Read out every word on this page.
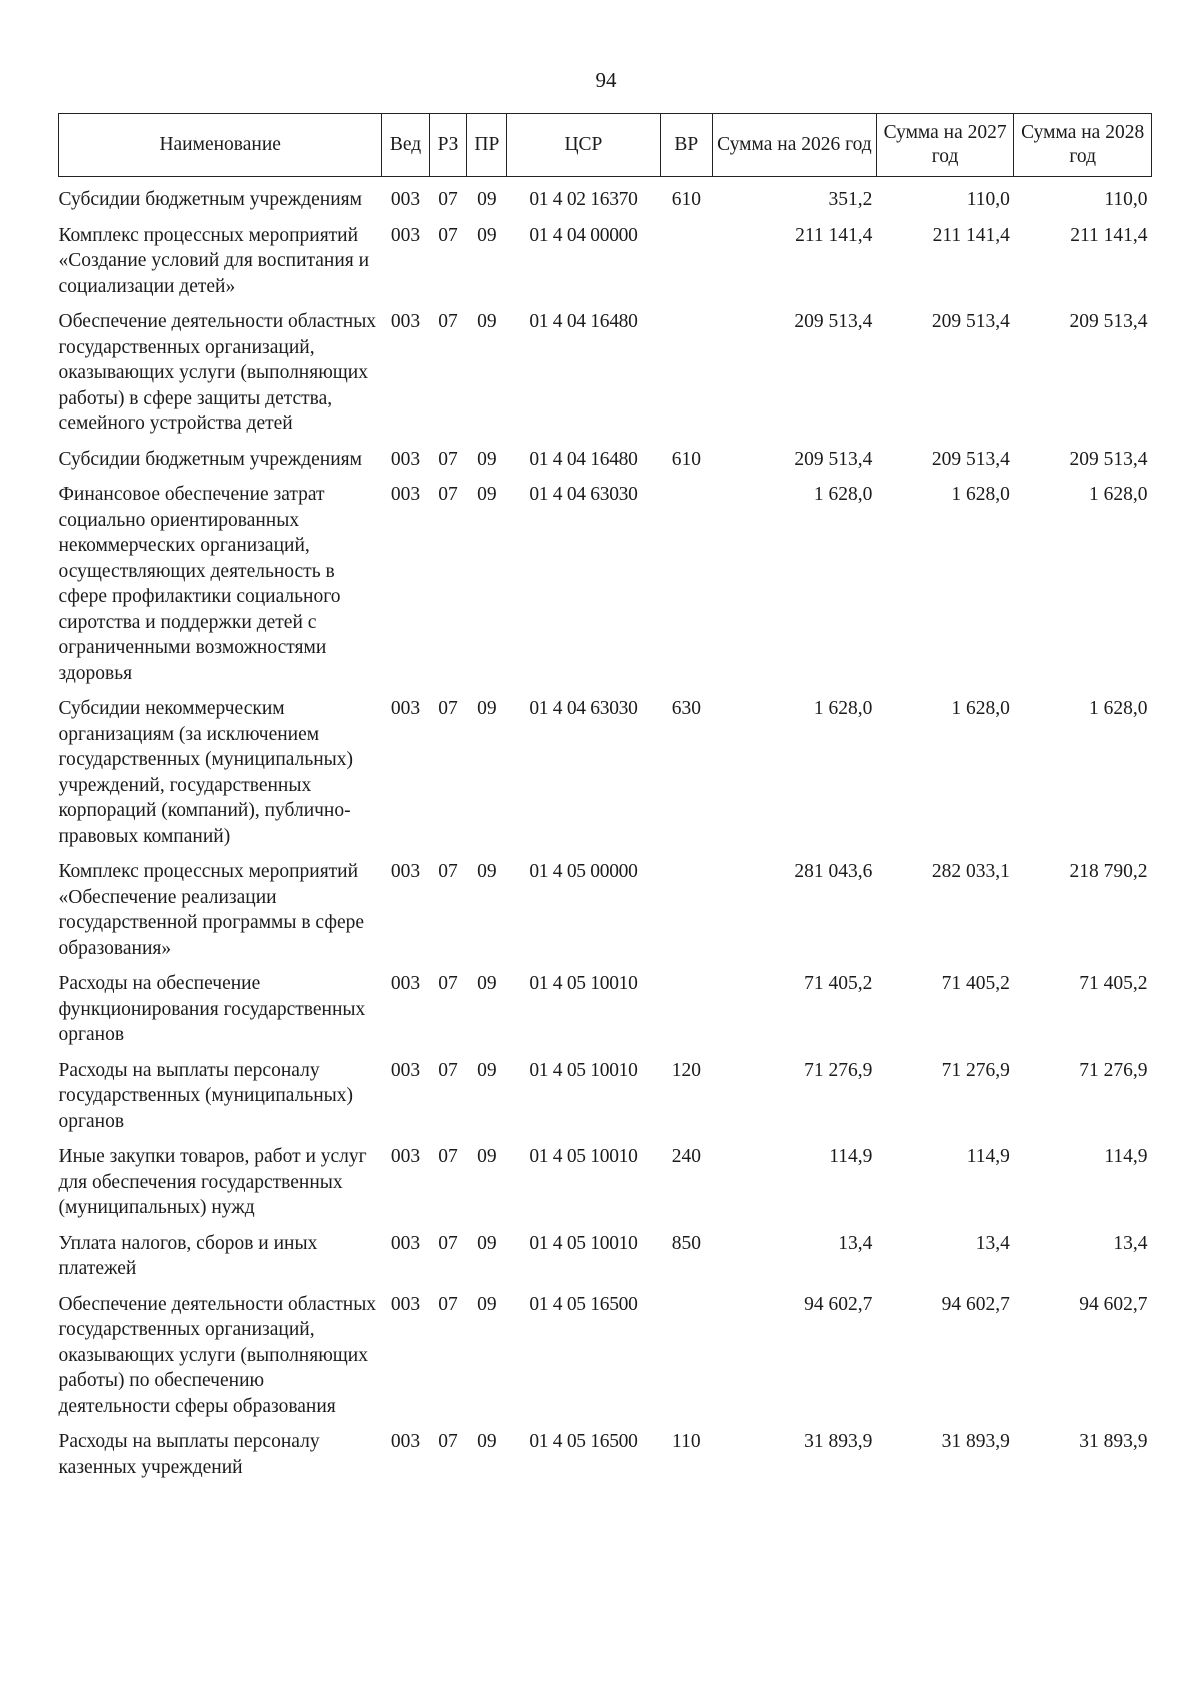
94
Наименование	Вед	РЗ	ПР	ЦСР	ВР	Сумма на 2026 год	Сумма на 2027 год	Сумма на 2028 год
Субсидии бюджетным учреждениям	003	07	09	01 4 02 16370	610	351,2	110,0	110,0
Комплекс процессных мероприятий «Создание условий для воспитания и социализации детей»	003	07	09	01 4 04 00000		211 141,4	211 141,4	211 141,4
Обеспечение деятельности областных государственных организаций, оказывающих услуги (выполняющих работы) в сфере защиты детства, семейного устройства детей	003	07	09	01 4 04 16480		209 513,4	209 513,4	209 513,4
Субсидии бюджетным учреждениям	003	07	09	01 4 04 16480	610	209 513,4	209 513,4	209 513,4
Финансовое обеспечение затрат социально ориентированных некоммерческих организаций, осуществляющих деятельность в сфере профилактики социального сиротства и поддержки детей с ограниченными возможностями здоровья	003	07	09	01 4 04 63030		1 628,0	1 628,0	1 628,0
Субсидии некоммерческим организациям (за исключением государственных (муниципальных) учреждений, государственных корпораций (компаний), публично-правовых компаний)	003	07	09	01 4 04 63030	630	1 628,0	1 628,0	1 628,0
Комплекс процессных мероприятий «Обеспечение реализации государственной программы в сфере образования»	003	07	09	01 4 05 00000		281 043,6	282 033,1	218 790,2
Расходы на обеспечение функционирования государственных органов	003	07	09	01 4 05 10010		71 405,2	71 405,2	71 405,2
Расходы на выплаты персоналу государственных (муниципальных) органов	003	07	09	01 4 05 10010	120	71 276,9	71 276,9	71 276,9
Иные закупки товаров, работ и услуг для обеспечения государственных (муниципальных) нужд	003	07	09	01 4 05 10010	240	114,9	114,9	114,9
Уплата налогов, сборов и иных платежей	003	07	09	01 4 05 10010	850	13,4	13,4	13,4
Обеспечение деятельности областных государственных организаций, оказывающих услуги (выполняющих работы) по обеспечению деятельности сферы образования	003	07	09	01 4 05 16500		94 602,7	94 602,7	94 602,7
Расходы на выплаты персоналу казенных учреждений	003	07	09	01 4 05 16500	110	31 893,9	31 893,9	31 893,9
